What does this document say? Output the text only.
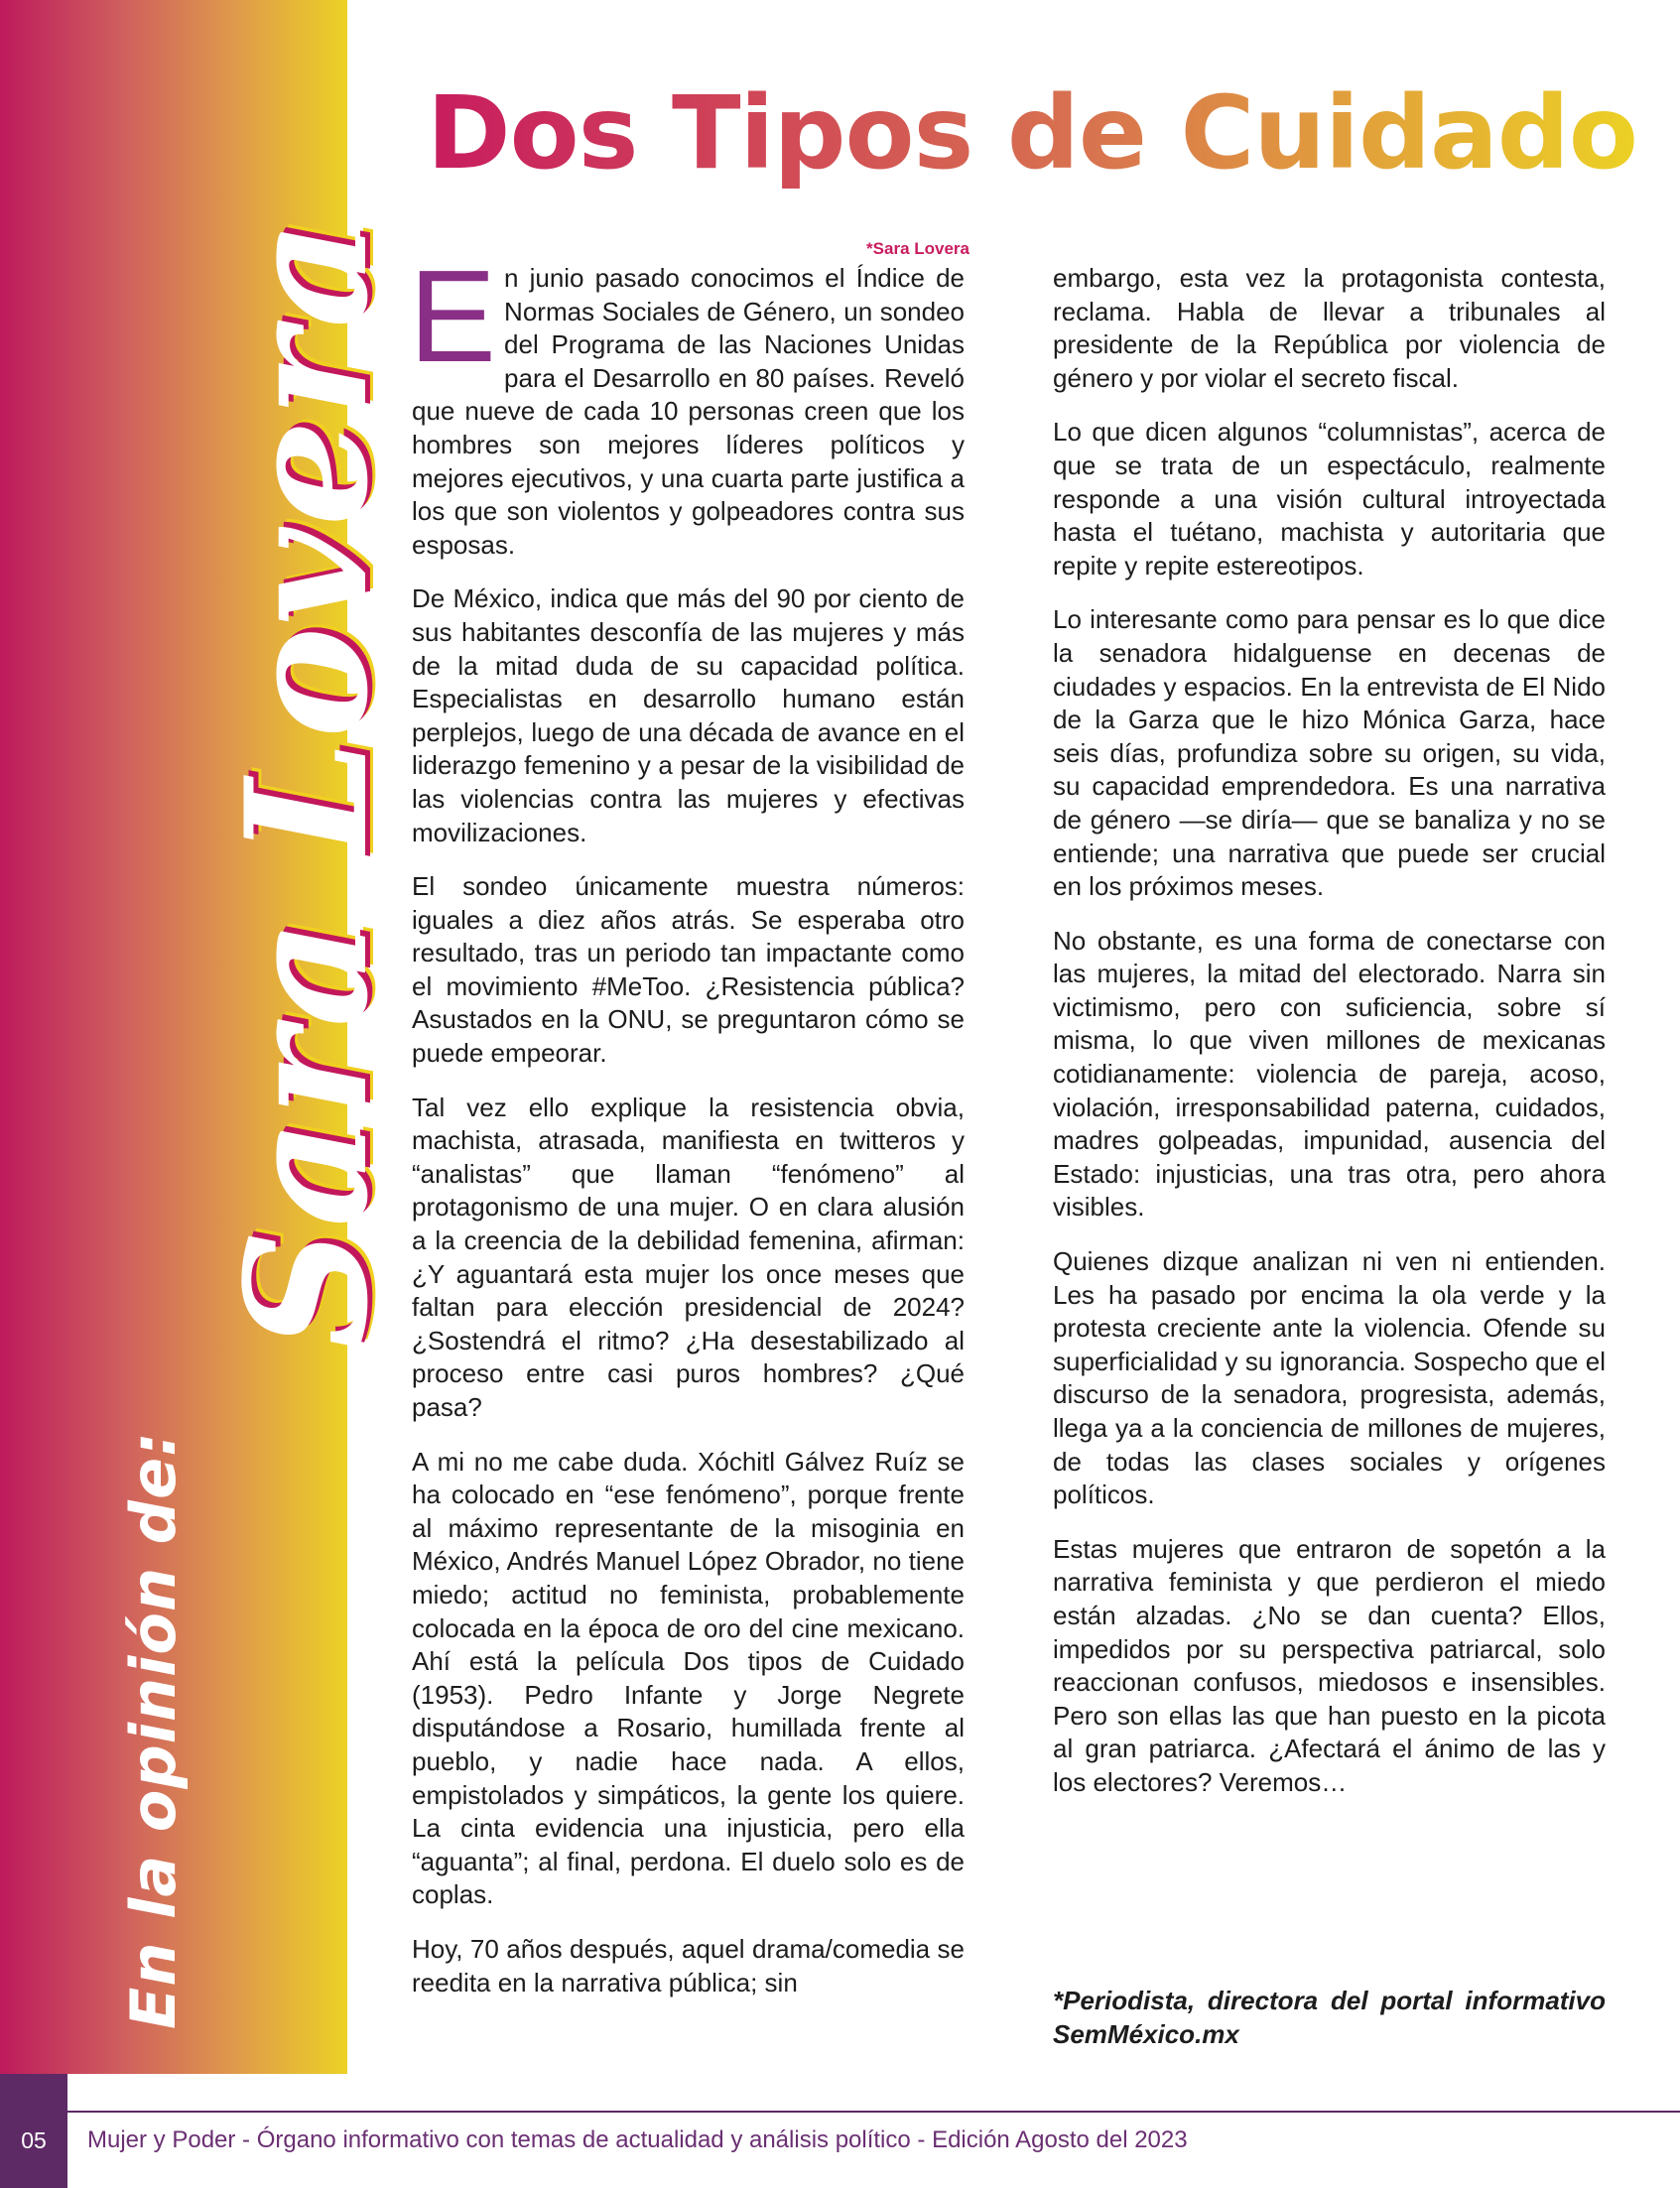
Sara Lovera
En la opinión de:
Dos Tipos de Cuidado
*Sara Lovera

En junio pasado conocimos el Índice de Normas Sociales de Género, un sondeo del Programa de las Naciones Unidas para el Desarrollo en 80 países. Reveló que nueve de cada 10 personas creen que los hombres son mejores líderes políticos y mejores ejecutivos, y una cuarta parte justifica a los que son violentos y golpeadores contra sus esposas.

De México, indica que más del 90 por ciento de sus habitantes desconfía de las mujeres y más de la mitad duda de su capacidad política. Especialistas en desarrollo humano están perplejos, luego de una década de avance en el liderazgo femenino y a pesar de la visibilidad de las violencias contra las mujeres y efectivas movilizaciones.

El sondeo únicamente muestra números: iguales a diez años atrás. Se esperaba otro resultado, tras un periodo tan impactante como el movimiento #MeToo. ¿Resistencia pública? Asustados en la ONU, se preguntaron cómo se puede empeorar.

Tal vez ello explique la resistencia obvia, machista, atrasada, manifiesta en twitteros y “analistas” que llaman “fenómeno” al protagonismo de una mujer. O en clara alusión a la creencia de la debilidad femenina, afirman: ¿Y aguantará esta mujer los once meses que faltan para elección presidencial de 2024? ¿Sostendrá el ritmo? ¿Ha desestabilizado al proceso entre casi puros hombres? ¿Qué pasa?

A mi no me cabe duda. Xóchitl Gálvez Ruíz se ha colocado en “ese fenómeno”, porque frente al máximo representante de la misoginia en México, Andrés Manuel López Obrador, no tiene miedo; actitud no feminista, probablemente colocada en la época de oro del cine mexicano. Ahí está la película Dos tipos de Cuidado (1953). Pedro Infante y Jorge Negrete disputándose a Rosario, humillada frente al pueblo, y nadie hace nada. A ellos, empistolados y simpáticos, la gente los quiere. La cinta evidencia una injusticia, pero ella “aguanta”; al final, perdona. El duelo solo es de coplas.

Hoy, 70 años después, aquel drama/comedia se reedita en la narrativa pública; sin

embargo, esta vez la protagonista contesta, reclama. Habla de llevar a tribunales al presidente de la República por violencia de género y por violar el secreto fiscal.

Lo que dicen algunos “columnistas”, acerca de que se trata de un espectáculo, realmente responde a una visión cultural introyectada hasta el tuétano, machista y autoritaria que repite y repite estereotipos.

Lo interesante como para pensar es lo que dice la senadora hidalguense en decenas de ciudades y espacios. En la entrevista de El Nido de la Garza que le hizo Mónica Garza, hace seis días, profundiza sobre su origen, su vida, su capacidad emprendedora. Es una narrativa de género —se diría— que se banaliza y no se entiende; una narrativa que puede ser crucial en los próximos meses.

No obstante, es una forma de conectarse con las mujeres, la mitad del electorado. Narra sin victimismo, pero con suficiencia, sobre sí misma, lo que viven millones de mexicanas cotidianamente: violencia de pareja, acoso, violación, irresponsabilidad paterna, cuidados, madres golpeadas, impunidad, ausencia del Estado: injusticias, una tras otra, pero ahora visibles.

Quienes dizque analizan ni ven ni entienden. Les ha pasado por encima la ola verde y la protesta creciente ante la violencia. Ofende su superficialidad y su ignorancia. Sospecho que el discurso de la senadora, progresista, además, llega ya a la conciencia de millones de mujeres, de todas las clases sociales y orígenes políticos.

Estas mujeres que entraron de sopetón a la narrativa feminista y que perdieron el miedo están alzadas. ¿No se dan cuenta? Ellos, impedidos por su perspectiva patriarcal, solo reaccionan confusos, miedosos e insensibles. Pero son ellas las que han puesto en la picota al gran patriarca. ¿Afectará el ánimo de las y los electores? Veremos…

*Periodista, directora del portal informativo SemMéxico.mx

05	Mujer y Poder - Órgano informativo con temas de actualidad y análisis político - Edición Agosto del 2023
